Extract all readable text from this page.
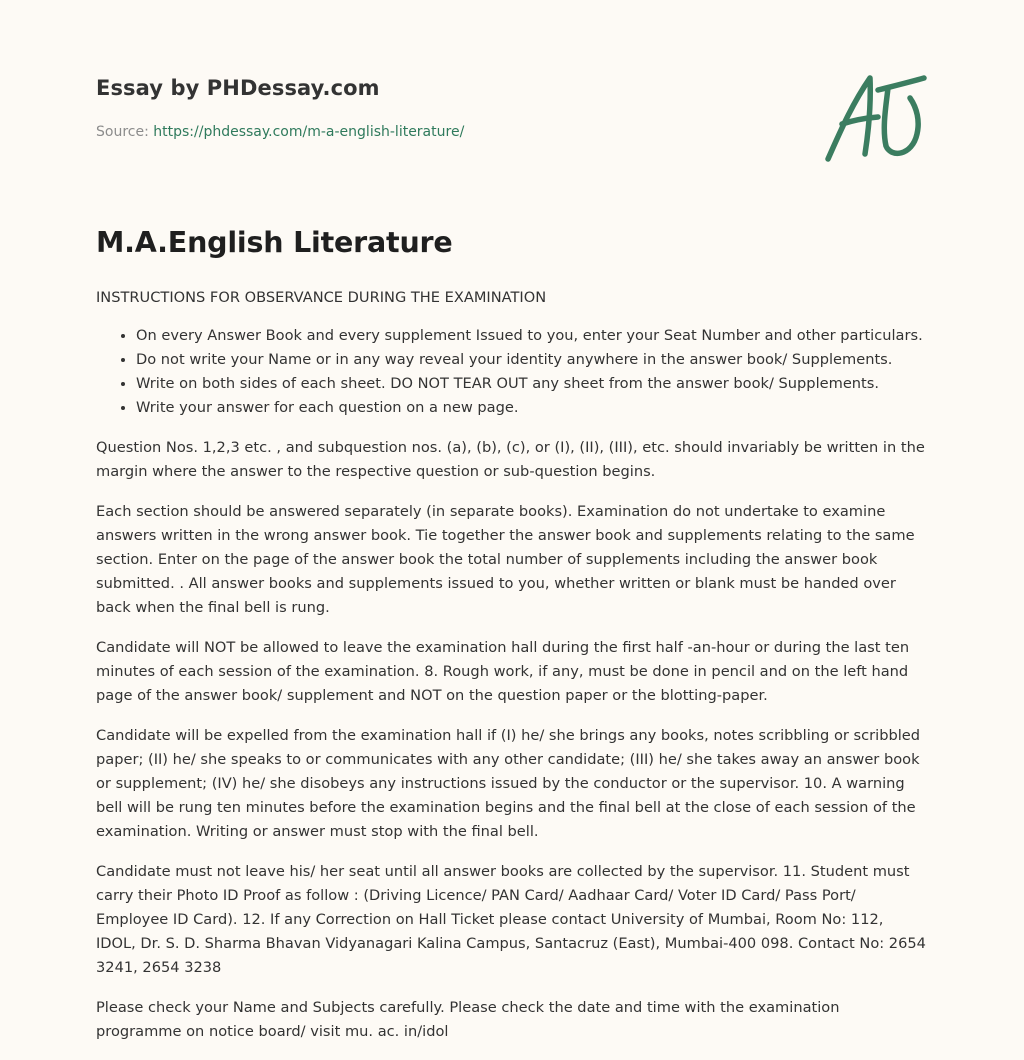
Essay by PHDessay.com
Source: https://phdessay.com/m-a-english-literature/
M.A.English Literature

INSTRUCTIONS FOR OBSERVANCE DURING THE EXAMINATION

• On every Answer Book and every supplement Issued to you, enter your Seat Number and other particulars.
• Do not write your Name or in any way reveal your identity anywhere in the answer book/ Supplements.
• Write on both sides of each sheet. DO NOT TEAR OUT any sheet from the answer book/ Supplements.
• Write your answer for each question on a new page.

Question Nos. 1,2,3 etc. , and subquestion nos. (a), (b), (c), or (I), (II), (III), etc. should invariably be written in the margin where the answer to the respective question or sub-question begins.

Each section should be answered separately (in separate books). Examination do not undertake to examine answers written in the wrong answer book. Tie together the answer book and supplements relating to the same section. Enter on the page of the answer book the total number of supplements including the answer book submitted. . All answer books and supplements issued to you, whether written or blank must be handed over back when the final bell is rung.

Candidate will NOT be allowed to leave the examination hall during the first half -an-hour or during the last ten minutes of each session of the examination. 8. Rough work, if any, must be done in pencil and on the left hand page of the answer book/ supplement and NOT on the question paper or the blotting-paper.

Candidate will be expelled from the examination hall if (I) he/ she brings any books, notes scribbling or scribbled paper; (II) he/ she speaks to or communicates with any other candidate; (III) he/ she takes away an answer book or supplement; (IV) he/ she disobeys any instructions issued by the conductor or the supervisor. 10. A warning bell will be rung ten minutes before the examination begins and the final bell at the close of each session of the examination. Writing or answer must stop with the final bell.

Candidate must not leave his/ her seat until all answer books are collected by the supervisor. 11. Student must carry their Photo ID Proof as follow : (Driving Licence/ PAN Card/ Aadhaar Card/ Voter ID Card/ Pass Port/ Employee ID Card). 12. If any Correction on Hall Ticket please contact University of Mumbai, Room No: 112, IDOL, Dr. S. D. Sharma Bhavan Vidyanagari Kalina Campus, Santacruz (East), Mumbai-400 098. Contact No: 2654 3241, 2654 3238

Please check your Name and Subjects carefully. Please check the date and time with the examination programme on notice board/ visit mu. ac. in/idol
